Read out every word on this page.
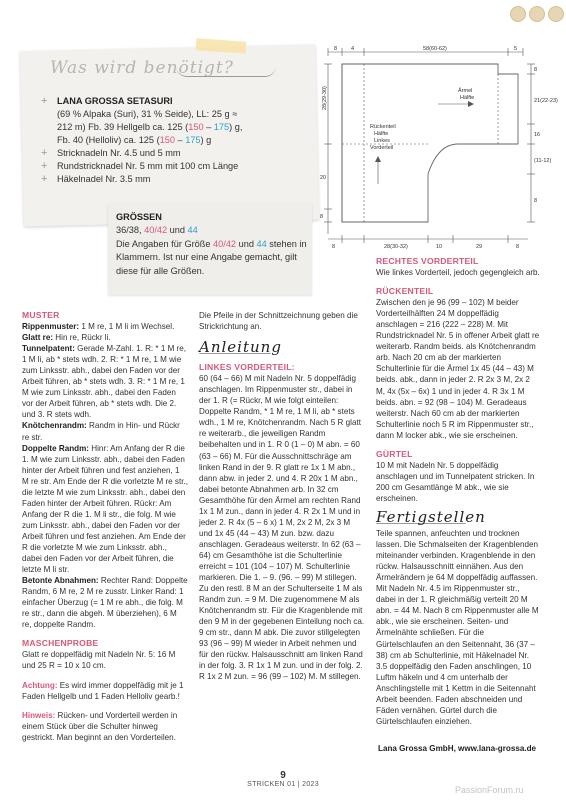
Was wird benötigt?
+ LANA GROSSA SETASURI
(69 % Alpaka (Suri), 31 % Seide), LL: 25 g ≈
212 m) Fb. 39 Hellgelb ca. 125 (150 – 175) g,
Fb. 40 (Helloliv) ca. 125 (150 – 175) g
+ Stricknadeln Nr. 4.5 und 5 mm
+ Rundstricknadel Nr. 5 mm mit 100 cm Länge
+ Häkelnadel Nr. 3.5 mm
GRÖSSEN
36/38, 40/42 und 44
Die Angaben für Größe 40/42 und 44 stehen in Klammern. Ist nur eine Angabe gemacht, gilt diese für alle Größen.
8	4	58(60-62)	5
28(29-30)
20
8
8
21(22-23)
16
(11-12)
8
Ärmel
Hälfte
Rückenteil
Hälfte
Linkes
Vorderteil
8	28(30-32)	10	29	8

MUSTER

Rippenmuster: 1 M re, 1 M li im Wechsel.

Glatt re: Hin re, Rückr li.

Tunnelpatent: Gerade M-Zahl. 1. R: * 1 M re, 1 M li, ab * stets wdh. 2. R: * 1 M re, 1 M wie zum Linksstr. abh., dabei den Faden vor der Arbeit führen, ab * stets wdh. 3. R: * 1 M re, 1 M wie zum Linksstr. abh., dabei den Faden vor der Arbeit führen, ab * stets wdh. Die 2. und 3. R stets wdh.

Knötchenrandm: Randm in Hin- und Rückr re str.

Doppelte Randm: Hinr: Am Anfang der R die 1. M wie zum Linksstr. abh., dabei den Faden hinter der Arbeit führen und fest anziehen, 1 M re str. Am Ende der R die vorletzte M re str., die letzte M wie zum Linksstr. abh., dabei den Faden hinter der Arbeit führen. Rückr: Am Anfang der R die 1. M li str., die folg. M wie zum Linksstr. abh., dabei den Faden vor der Arbeit führen und fest anziehen. Am Ende der R die vorletzte M wie zum Linksstr. abh., dabei den Faden vor der Arbeit führen, die letzte M li str.

Betonte Abnahmen: Rechter Rand: Doppelte Randm, 6 M re, 2 M re zusstr. Linker Rand: 1 einfacher Überzug (= 1 M re abh., die folg. M re str., dann die abgeh. M überziehen), 6 M re, doppelte Randm.

MASCHENPROBE

Glatt re doppelfädig mit Nadeln Nr. 5: 16 M und 25 R = 10 x 10 cm.

Achtung: Es wird immer doppelfädig mit je 1 Faden Hellgelb und 1 Faden Helloliv gearb.!

Hinweis: Rücken- und Vorderteil werden in einem Stück über die Schulter hinweg gestrickt. Man beginnt an den Vorderteilen.

Die Pfeile in der Schnittzeichnung geben die Strickrichtung an.

Anleitung

LINKES VORDERTEIL:

60 (64 – 66) M mit Nadeln Nr. 5 doppelfädig anschlagen. Im Rippenmuster str., dabei in der 1. R (= Rückr, M wie folgt einteilen: Doppelte Randm, * 1 M re, 1 M li, ab * stets wdh., 1 M re, Knötchenrandm. Nach 5 R glatt re weiterarb., die jeweiligen Randm beibehalten und in 1. R 0 (1 – 0) M abn. = 60 (63 – 66) M. Für die Ausschnittschräge am linken Rand in der 9. R glatt re 1x 1 M abn., dann abw. in jeder 2. und 4. R 20x 1 M abn., dabei betonte Abnahmen arb. In 32 cm Gesamthöhe für den Ärmel am rechten Rand 1x 1 M zun., dann in jeder 4. R 2x 1 M und in jeder 2. R 4x (5 – 6 x) 1 M, 2x 2 M, 2x 3 M und 1x 45 (44 – 43) M zun. bzw. dazu anschlagen. Geradeaus weiterstr. In 62 (63 – 64) cm Gesamthöhe ist die Schulterlinie erreicht = 101 (104 – 107) M. Schulterlinie markieren. Die 1. – 9. (96. – 99) M stillegen. Zu den restl. 8 M an der Schulterseite 1 M als Randm zun. = 9 M. Die zugenommene M als Knötchenrandm str. Für die Kragenblende mit den 9 M in der gegebenen Einteilung noch ca. 9 cm str., dann M abk. Die zuvor stillgelegten 93 (96 – 99) M wieder in Arbeit nehmen und für den rückw. Halsausschnitt am linken Rand in der folg. 3. R 1x 1 M zun. und in der folg. 2. R 1x 2 M zun. = 96 (99 – 102) M. M stillegen.

RECHTES VORDERTEIL

Wie linkes Vorderteil, jedoch gegengleich arb.

RÜCKENTEIL

Zwischen den je 96 (99 – 102) M beider Vorderteilhälften 24 M doppelfädig anschlagen = 216 (222 – 228) M. Mit Rundstricknadel Nr. 5 in offener Arbeit glatt re weiterarb. Randm beids. als Knötchenrandm arb. Nach 20 cm ab der markierten Schulterlinie für die Ärmel 1x 45 (44 – 43) M beids. abk., dann in jeder 2. R 2x 3 M, 2x 2 M, 4x (5x – 6x) 1 und in jeder 4. R 3x 1 M beids. abn. = 92 (98 – 104) M. Geradeaus weiterstr. Nach 60 cm ab der markierten Schulterlinie noch 5 R im Rippenmuster str., dann M locker abk., wie sie erscheinen.

GÜRTEL

10 M mit Nadeln Nr. 5 doppelfädig anschlagen und im Tunnelpatent stricken. In 200 cm Gesamtlänge M abk., wie sie erscheinen.

Fertigstellen

Teile spannen, anfeuchten und trocknen lassen. Die Schmalseiten der Kragenblenden miteinander verbinden. Kragenblende in den rückw. Halsausschnitt einnähen. Aus den Ärmelrändern je 64 M doppelfädig auffassen. Mit Nadeln Nr. 4.5 im Rippenmuster str., dabei in der 1. R gleichmäßig verteilt 20 M abn. = 44 M. Nach 8 cm Rippenmuster alle M abk., wie sie erscheinen. Seiten- und Ärmelnähte schließen. Für die Gürtelschlaufen an den Seitennaht, 36 (37 – 38) cm ab Schulterlinie, mit Häkelnadel Nr. 3.5 doppelfädig den Faden anschlingen, 10 Luftm häkeln und 4 cm unterhalb der Anschlingstelle mit 1 Kettm in die Seitennaht Arbeit beenden. Faden abschneiden und Fäden vernähen. Gürtel durch die Gürtelschlaufen einziehen.

Lana Grossa GmbH, www.lana-grossa.de
9
STRICKEN 01 | 2023
PassionForum.ru
